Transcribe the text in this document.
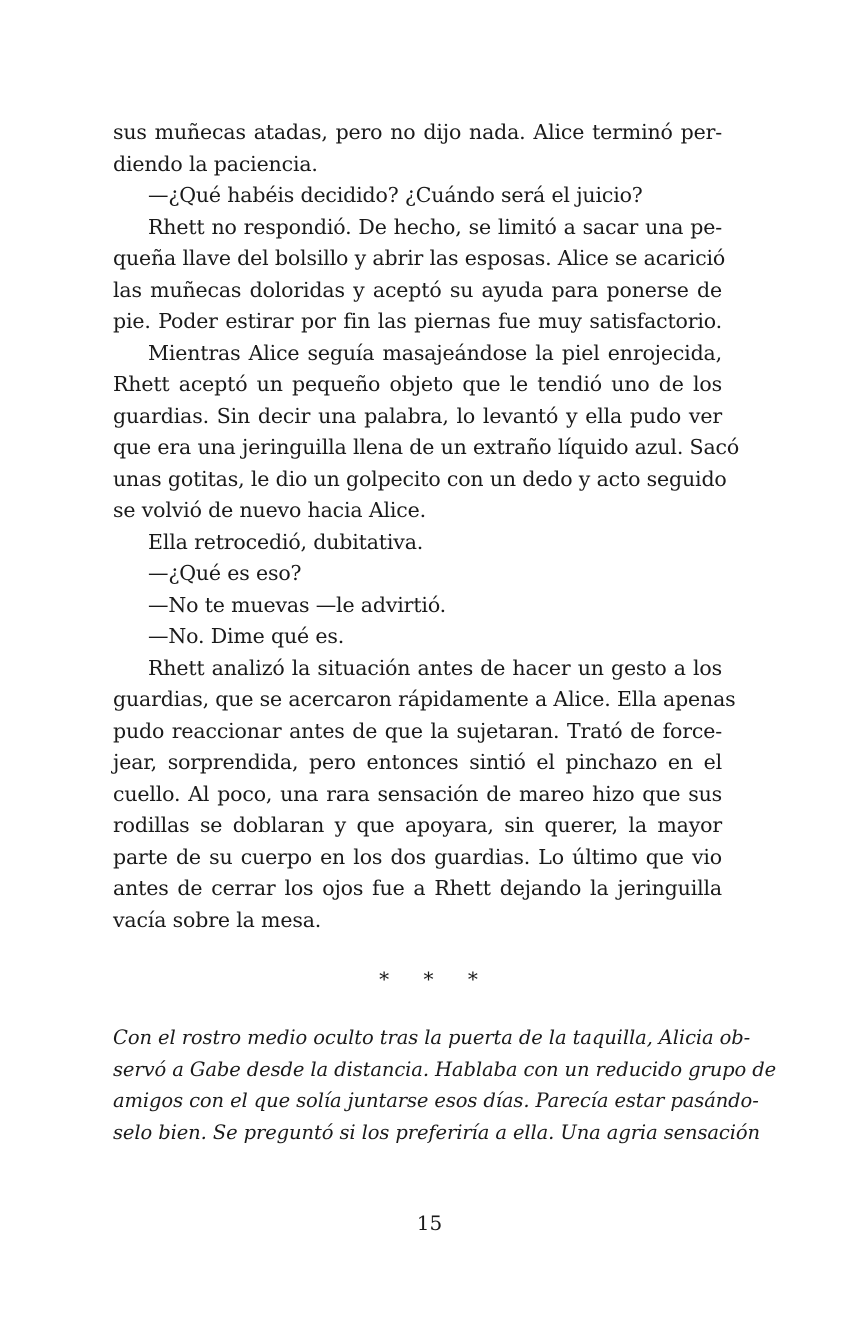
sus muñecas atadas, pero no dijo nada. Alice terminó per-
diendo la paciencia.
—¿Qué habéis decidido? ¿Cuándo será el juicio?
Rhett no respondió. De hecho, se limitó a sacar una pe-
queña llave del bolsillo y abrir las esposas. Alice se acarició
las muñecas doloridas y aceptó su ayuda para ponerse de
pie. Poder estirar por fin las piernas fue muy satisfactorio.
Mientras Alice seguía masajeándose la piel enrojecida,
Rhett aceptó un pequeño objeto que le tendió uno de los
guardias. Sin decir una palabra, lo levantó y ella pudo ver
que era una jeringuilla llena de un extraño líquido azul. Sacó
unas gotitas, le dio un golpecito con un dedo y acto seguido
se volvió de nuevo hacia Alice.
Ella retrocedió, dubitativa.
—¿Qué es eso?
—No te muevas —le advirtió.
—No. Dime qué es.
Rhett analizó la situación antes de hacer un gesto a los
guardias, que se acercaron rápidamente a Alice. Ella apenas
pudo reaccionar antes de que la sujetaran. Trató de force-
jear, sorprendida, pero entonces sintió el pinchazo en el
cuello. Al poco, una rara sensación de mareo hizo que sus
rodillas se doblaran y que apoyara, sin querer, la mayor
parte de su cuerpo en los dos guardias. Lo último que vio
antes de cerrar los ojos fue a Rhett dejando la jeringuilla
vacía sobre la mesa.
* * *
Con el rostro medio oculto tras la puerta de la taquilla, Alicia ob-
servó a Gabe desde la distancia. Hablaba con un reducido grupo de
amigos con el que solía juntarse esos días. Parecía estar pasándo-
selo bien. Se preguntó si los preferiría a ella. Una agria sensación
15
